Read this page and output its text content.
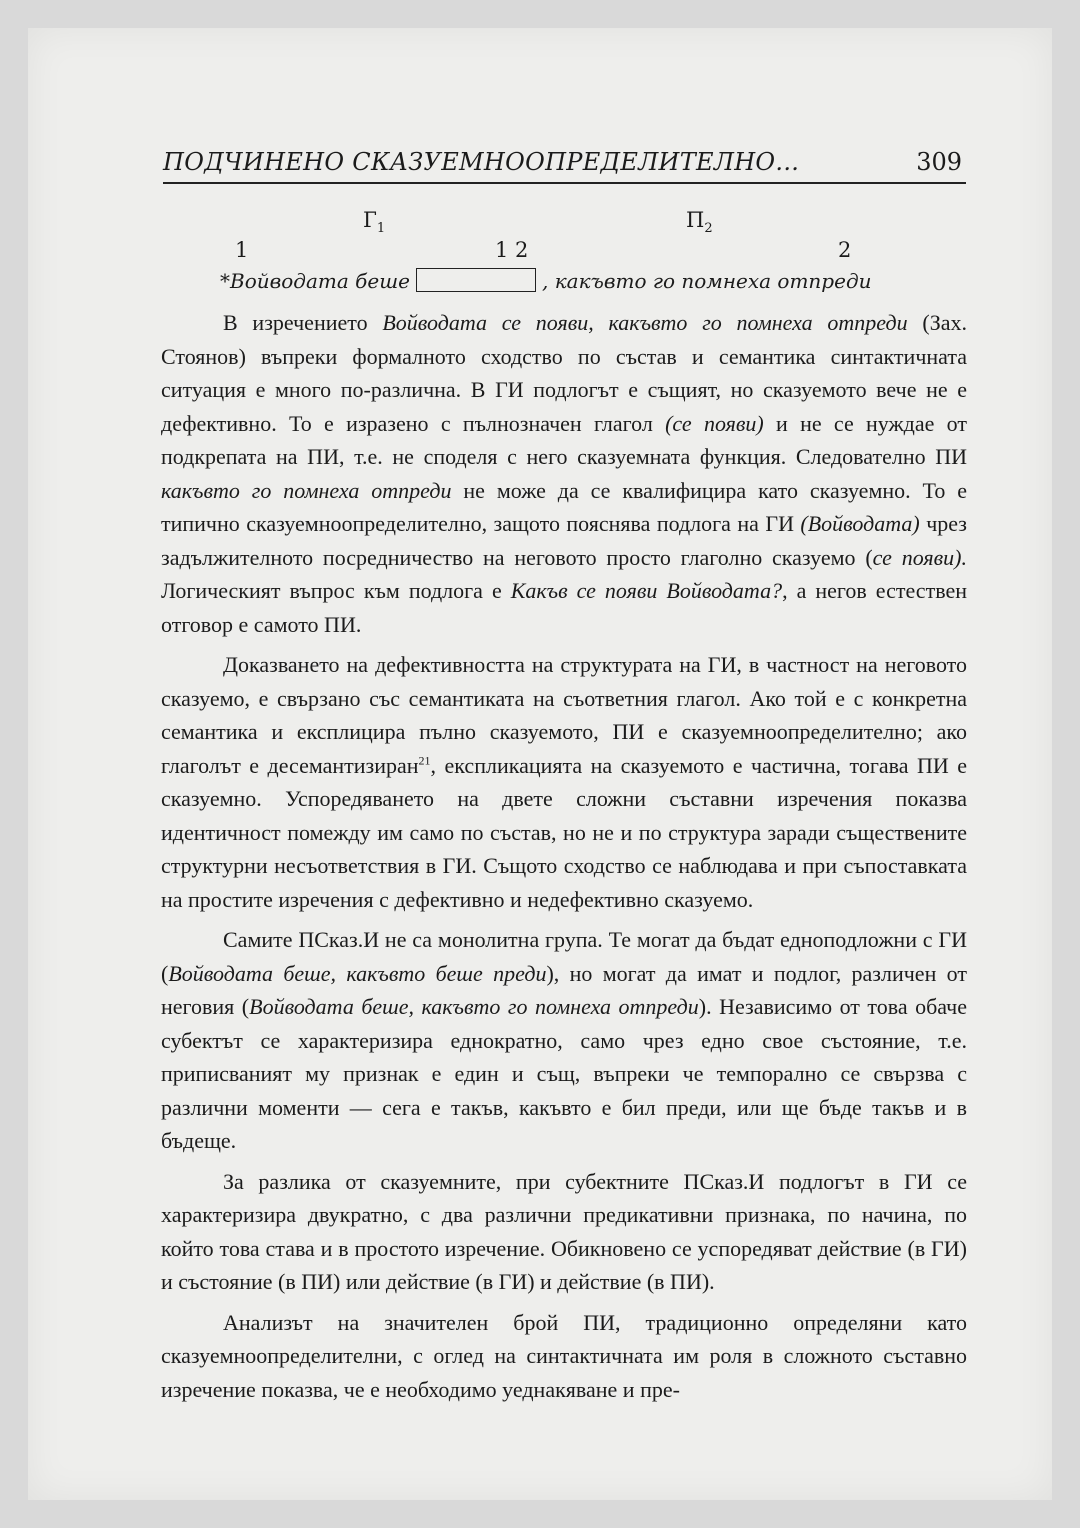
ПОДЧИНЕНО СКАЗУЕМНООПРЕДЕЛИТЕЛНО...	309
$Г_1$	$П_2$
1	1 2	2
*Войводата беше	, какъвто го помнеха отпреди

В изречението Войводата се появи, какъвто го помнеха отпреди (Зах. Стоянов) въпреки формалното сходство по състав и семантика синтактичната ситуация е много по-различна. В ГИ подлогът е същият, но сказуемото вече не е дефективно. То е изразено с пълнозначен глагол (се появи) и не се нуждае от подкрепата на ПИ, т.е. не споделя с него сказуемната функция. Следователно ПИ какъвто го помнеха отпреди не може да се квалифицира като сказуемно. То е типично сказуемноопределително, защото пояснява подлога на ГИ (Войводата) чрез задължителното посредничество на неговото просто глаголно сказуемо (се появи). Логическият въпрос към подлога е Какъв се появи Войводата?, а негов естествен отговор е самото ПИ.

Доказването на дефективността на структурата на ГИ, в частност на неговото сказуемо, е свързано със семантиката на съответния глагол. Ако той е с конкретна семантика и експлицира пълно сказуемото, ПИ е сказуемноопределително; ако глаголът е десемантизиран$^{21}$, експликацията на сказуемото е частична, тогава ПИ е сказуемно. Успоредяването на двете сложни съставни изречения показва идентичност помежду им само по състав, но не и по структура заради съществените структурни несъответствия в ГИ. Същото сходство се наблюдава и при съпоставката на простите изречения с дефективно и недефективно сказуемо.

Самите ПСказ.И не са монолитна група. Те могат да бъдат едноподложни с ГИ (Войводата беше, какъвто беше преди), но могат да имат и подлог, различен от неговия (Войводата беше, какъвто го помнеха отпреди). Независимо от това обаче субектът се характеризира еднократно, само чрез едно свое състояние, т.е. приписваният му признак е един и същ, въпреки че темпорално се свързва с различни моменти — сега е такъв, какъвто е бил преди, или ще бъде такъв и в бъдеще.

За разлика от сказуемните, при субектните ПСказ.И подлогът в ГИ се характеризира двукратно, с два различни предикативни признака, по начина, по който това става и в простото изречение. Обикновено се успоредяват действие (в ГИ) и състояние (в ПИ) или действие (в ГИ) и действие (в ПИ).

Анализът на значителен брой ПИ, традиционно определяни като сказуемноопределителни, с оглед на синтактичната им роля в сложното съставно изречение показва, че е необходимо уеднакяване и пре-
